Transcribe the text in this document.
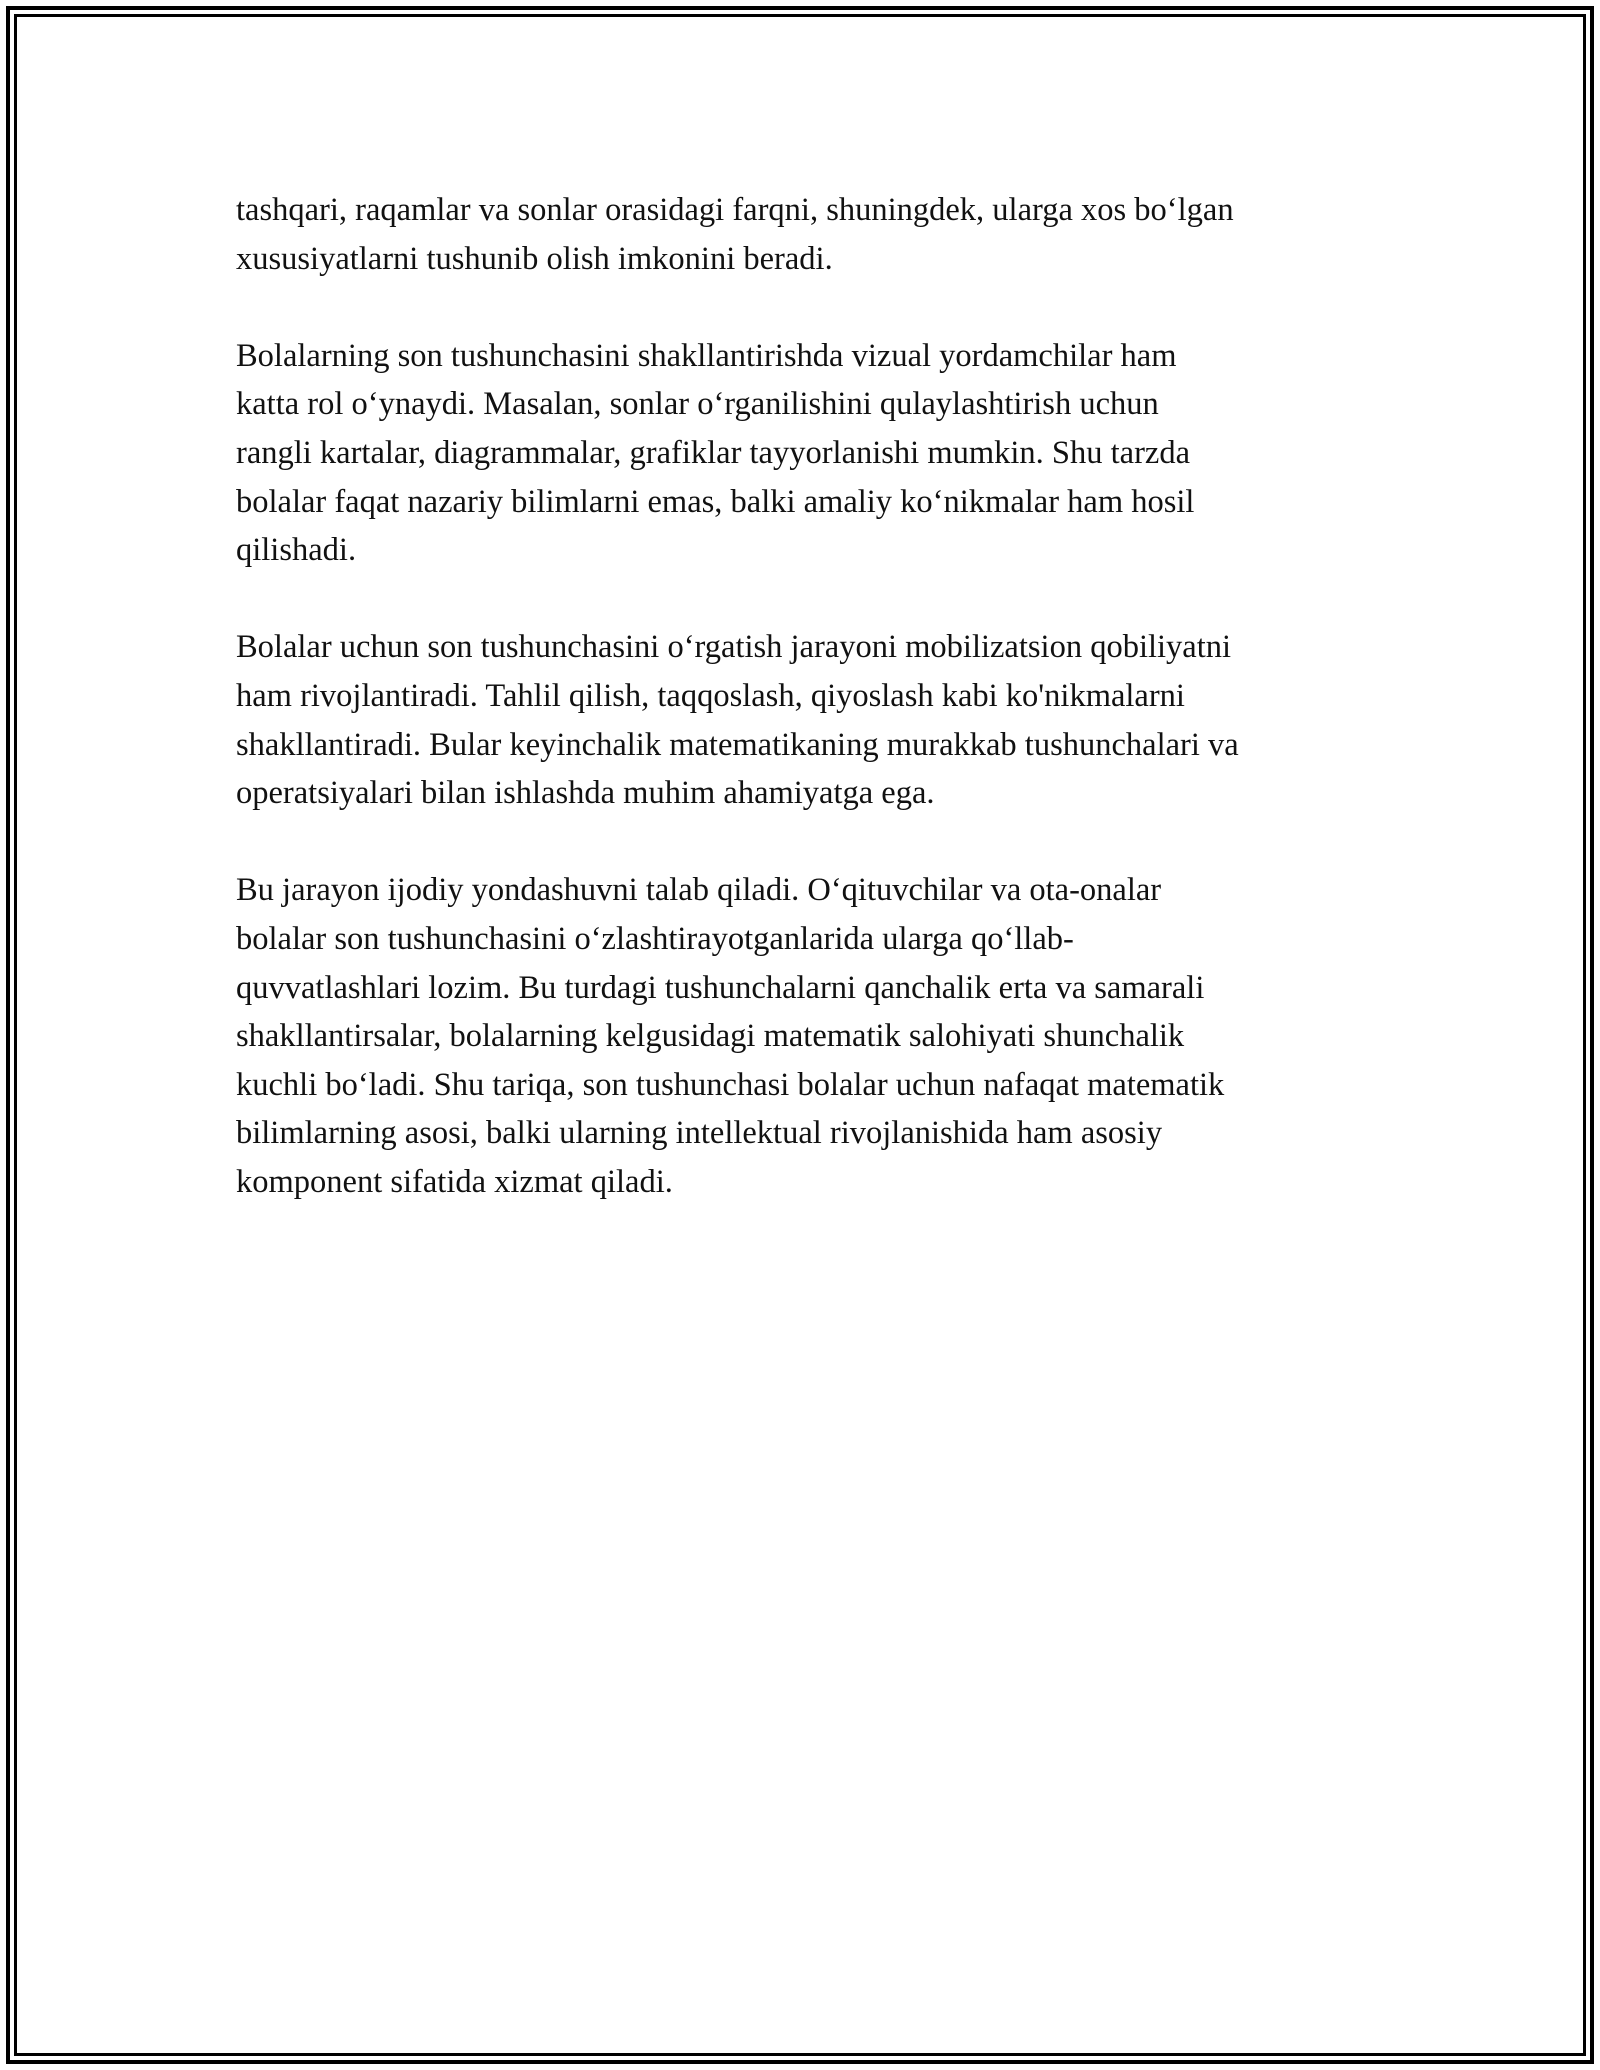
tashqari, raqamlar va sonlar orasidagi farqni, shuningdek, ularga xos bo‘lgan
xususiyatlarni tushunib olish imkonini beradi.

Bolalarning son tushunchasini shakllantirishda vizual yordamchilar ham
katta rol o‘ynaydi. Masalan, sonlar o‘rganilishini qulaylashtirish uchun
rangli kartalar, diagrammalar, grafiklar tayyorlanishi mumkin. Shu tarzda
bolalar faqat nazariy bilimlarni emas, balki amaliy ko‘nikmalar ham hosil
qilishadi.

Bolalar uchun son tushunchasini o‘rgatish jarayoni mobilizatsion qobiliyatni
ham rivojlantiradi. Tahlil qilish, taqqoslash, qiyoslash kabi ko'nikmalarni
shakllantiradi. Bular keyinchalik matematikaning murakkab tushunchalari va
operatsiyalari bilan ishlashda muhim ahamiyatga ega.

Bu jarayon ijodiy yondashuvni talab qiladi. O‘qituvchilar va ota-onalar
bolalar son tushunchasini o‘zlashtirayotganlarida ularga qo‘llab-
quvvatlashlari lozim. Bu turdagi tushunchalarni qanchalik erta va samarali
shakllantirsalar, bolalarning kelgusidagi matematik salohiyati shunchalik
kuchli bo‘ladi. Shu tariqa, son tushunchasi bolalar uchun nafaqat matematik
bilimlarning asosi, balki ularning intellektual rivojlanishida ham asosiy
komponent sifatida xizmat qiladi.
